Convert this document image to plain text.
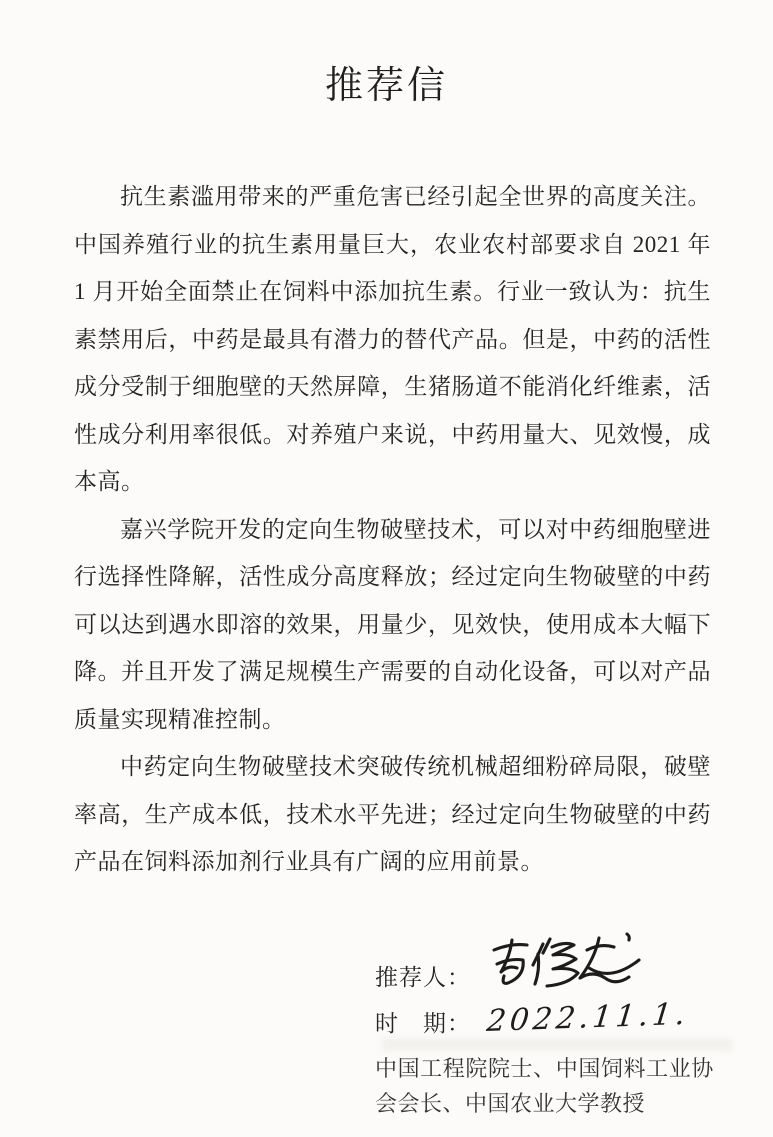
推荐信

抗生素滥用带来的严重危害已经引起全世界的高度关注。中国养殖行业的抗生素用量巨大，农业农村部要求自 2021 年 1 月开始全面禁止在饲料中添加抗生素。行业一致认为：抗生素禁用后，中药是最具有潜力的替代产品。但是，中药的活性成分受制于细胞壁的天然屏障，生猪肠道不能消化纤维素，活性成分利用率很低。对养殖户来说，中药用量大、见效慢，成本高。

嘉兴学院开发的定向生物破壁技术，可以对中药细胞壁进行选择性降解，活性成分高度释放；经过定向生物破壁的中药可以达到遇水即溶的效果，用量少，见效快，使用成本大幅下降。并且开发了满足规模生产需要的自动化设备，可以对产品质量实现精准控制。

中药定向生物破壁技术突破传统机械超细粉碎局限，破壁率高，生产成本低，技术水平先进；经过定向生物破壁的中药产品在饲料添加剂行业具有广阔的应用前景。

推荐人：
时　期： 2022.11.1.
中国工程院院士、中国饲料工业协会会长、中国农业大学教授
